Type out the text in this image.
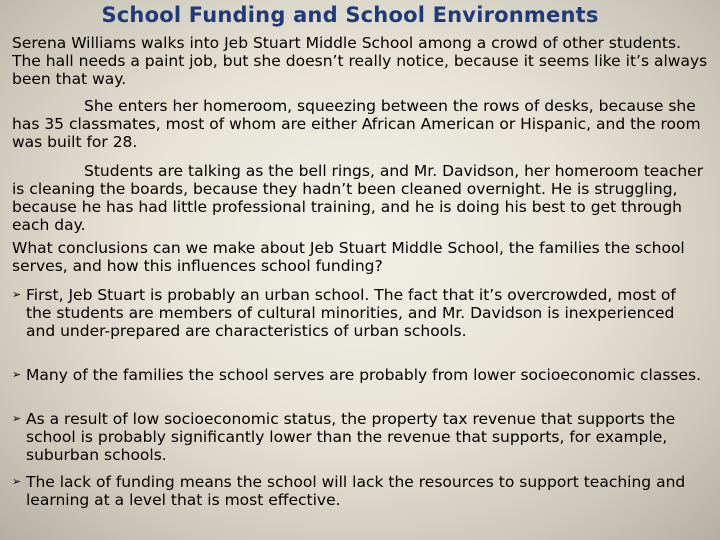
School Funding and School Environments
Serena Williams walks into Jeb Stuart Middle School among a crowd of other students. The hall needs a paint job, but she doesn’t really notice, because it seems like it’s always been that way.
She enters her homeroom, squeezing between the rows of desks, because she has 35 classmates, most of whom are either African American or Hispanic, and the room was built for 28.
Students are talking as the bell rings, and Mr. Davidson, her homeroom teacher is cleaning the boards, because they hadn’t been cleaned overnight. He is struggling, because he has had little professional training, and he is doing his best to get through each day.
What conclusions can we make about Jeb Stuart Middle School, the families the school serves, and how this influences school funding?
➢ First, Jeb Stuart is probably an urban school. The fact that it’s overcrowded, most of the students are members of cultural minorities, and Mr. Davidson is inexperienced and under-prepared are characteristics of urban schools.
➢ Many of the families the school serves are probably from lower socioeconomic classes.
➢ As a result of low socioeconomic status, the property tax revenue that supports the school is probably significantly lower than the revenue that supports, for example, suburban schools.
➢ The lack of funding means the school will lack the resources to support teaching and learning at a level that is most effective.
